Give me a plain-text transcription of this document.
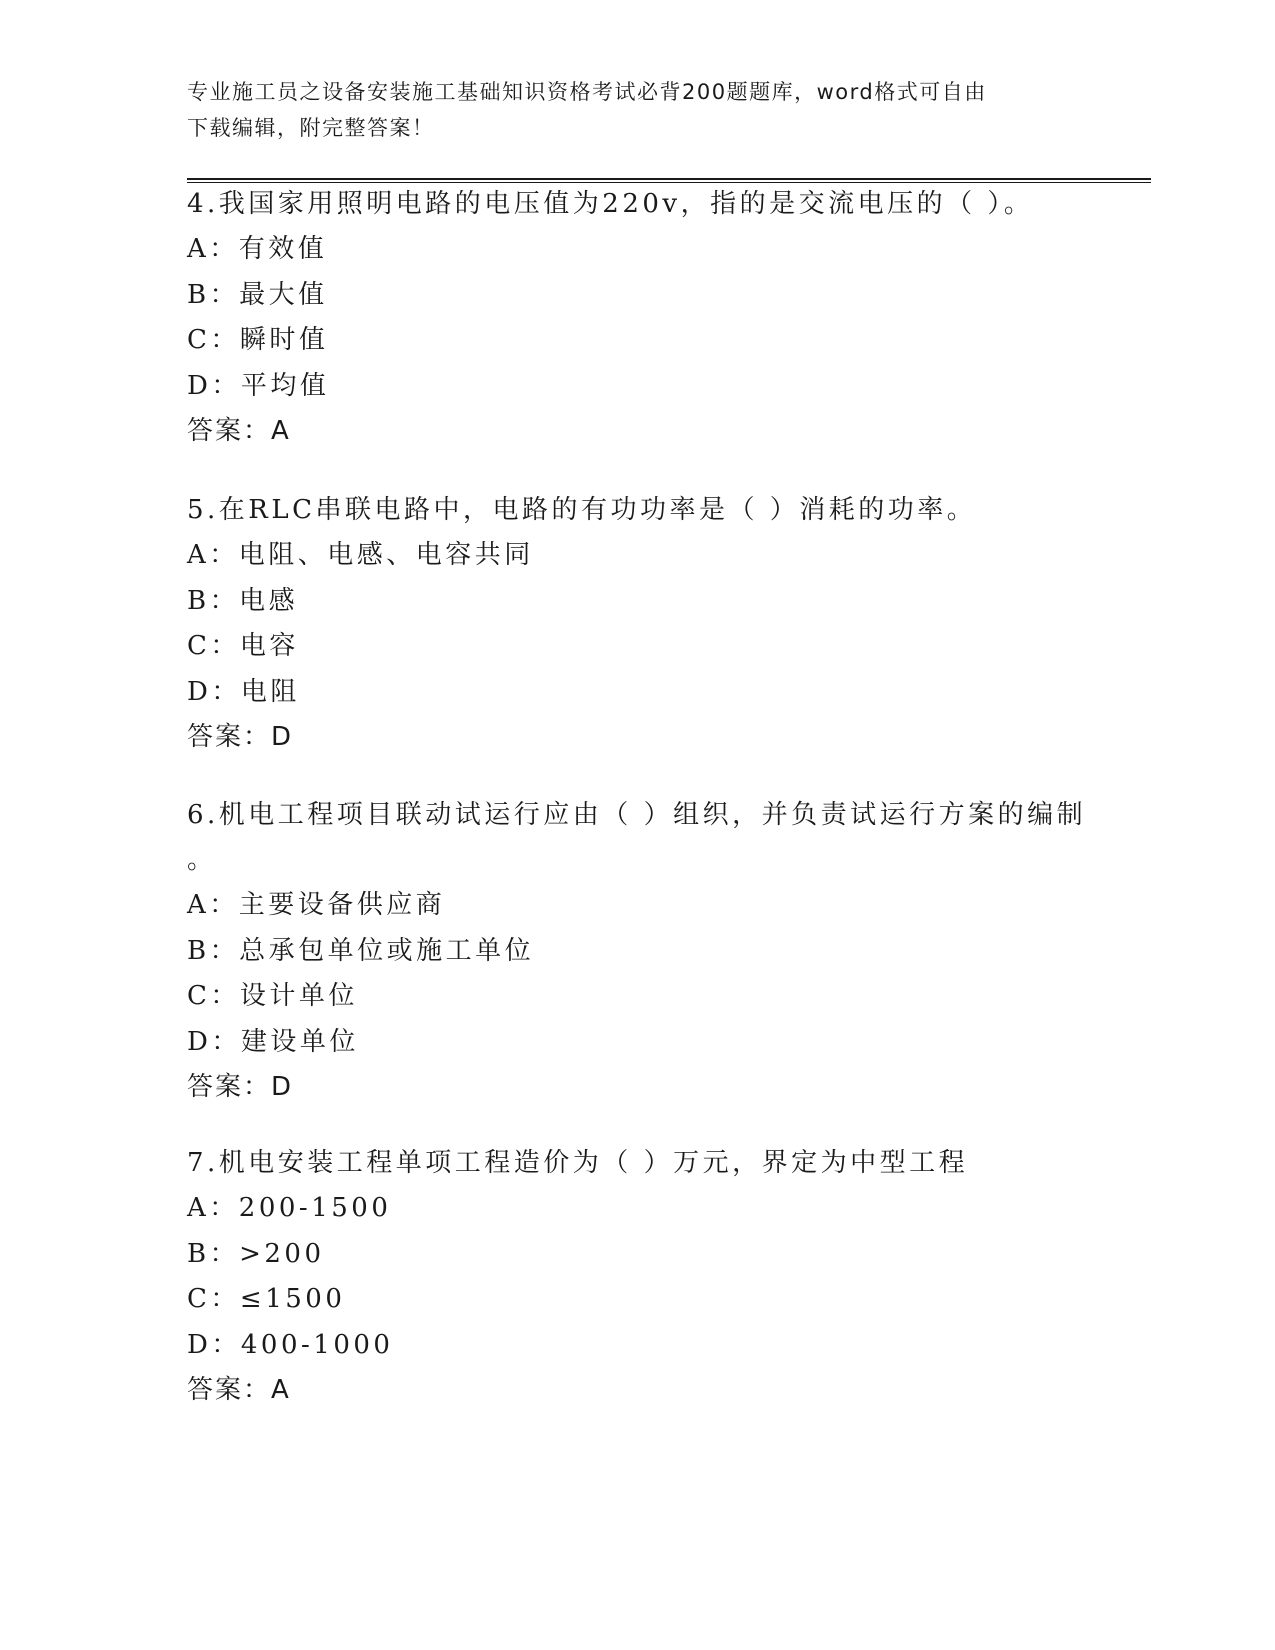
专业施工员之设备安装施工基础知识资格考试必背200题题库，word格式可自由
下载编辑，附完整答案！

4.我国家用照明电路的电压值为220v，指的是交流电压的（ ）。
A：有效值
B：最大值
C：瞬时值
D：平均值
答案：A
5.在RLC串联电路中，电路的有功功率是（ ）消耗的功率。
A：电阻、电感、电容共同
B：电感
C：电容
D：电阻
答案：D
6.机电工程项目联动试运行应由（ ）组织，并负责试运行方案的编制
。
A：主要设备供应商
B：总承包单位或施工单位
C：设计单位
D：建设单位
答案：D
7.机电安装工程单项工程造价为（ ）万元，界定为中型工程
A：200-1500
B：>200
C：≤1500
D：400-1000
答案：A
